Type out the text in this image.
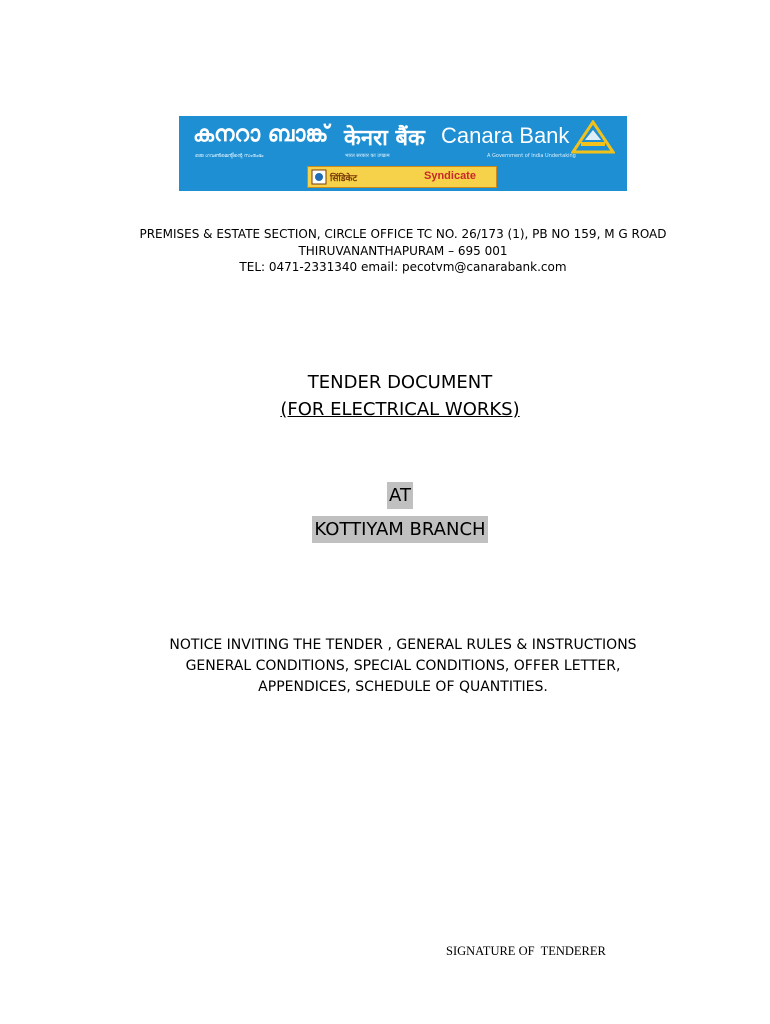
കനറാ ബാങ്ക് केनरा बैंक Canara Bank
ഒരു ഗവൺമെന്റിന്റെ സംരംഭം	भारत सरकार का उपक्रम	A Government of India Undertaking
सिंडिकेट	Syndicate
PREMISES & ESTATE SECTION, CIRCLE OFFICE TC NO. 26/173 (1), PB NO 159, M G ROAD
THIRUVANANTHAPURAM – 695 001
TEL: 0471-2331340 email: pecotvm@canarabank.com
TENDER DOCUMENT
(FOR ELECTRICAL WORKS)
AT
KOTTIYAM BRANCH
NOTICE INVITING THE TENDER , GENERAL RULES & INSTRUCTIONS
GENERAL CONDITIONS, SPECIAL CONDITIONS, OFFER LETTER,
APPENDICES, SCHEDULE OF QUANTITIES.
SIGNATURE OF  TENDERER
